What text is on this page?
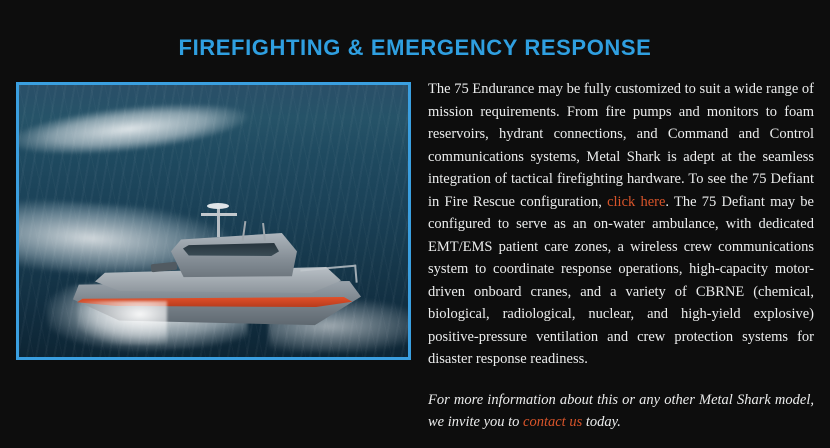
FIREFIGHTING & EMERGENCY RESPONSE

The 75 Endurance may be fully customized to suit a wide range of mission requirements. From fire pumps and monitors to foam reservoirs, hydrant connections, and Command and Control communications systems, Metal Shark is adept at the seamless integration of tactical firefighting hardware. To see the 75 Defiant in Fire Rescue configuration, click here. The 75 Defiant may be configured to serve as an on-water ambulance, with dedicated EMT/EMS patient care zones, a wireless crew communications system to coordinate response operations, high-capacity motor-driven onboard cranes, and a variety of CBRNE (chemical, biological, radiological, nuclear, and high-yield explosive) positive-pressure ventilation and crew protection systems for disaster response readiness.

For more information about this or any other Metal Shark model, we invite you to contact us today.
